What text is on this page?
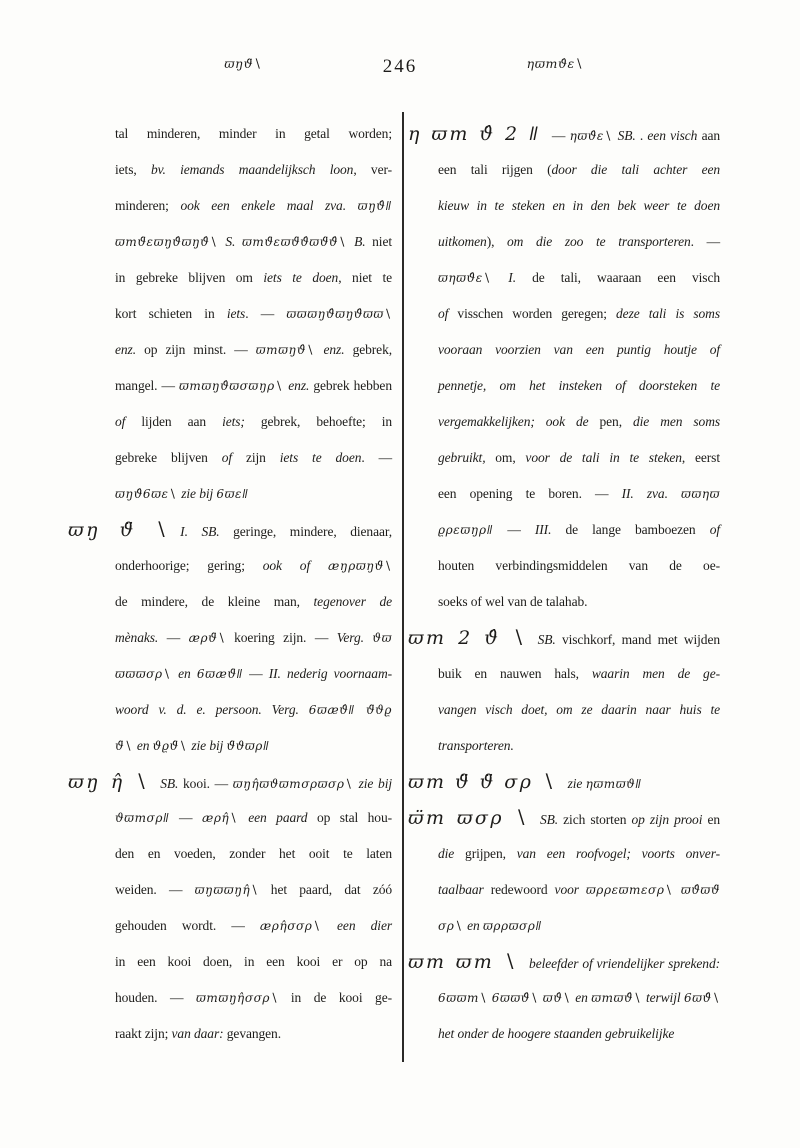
ϖŋϑ̈∖	246	ηϖmϑ̂ε∖
tal minderen, minder in getal worden;
iets, bv. iemands maandelijksch loon, ver-
minderen; ook een enkele maal zva. ϖŋϑ̂ǁ
ϖmϑ̈εϖŋϑ̂ϖŋϑ̂∖ S. ϖmϑ̈εϖϑ̈ϑ̂ϖϑ̈ϑ̂∖ B. niet
in gebreke blijven om iets te doen, niet te
kort schieten in iets. — ϖϖϖŋϑ̂ϖŋϑ̂ϖϖ∖
enz. op zijn minst. — ϖmϖŋϑ̂∖ enz. gebrek,
mangel. — ϖmϖŋϑ̂ϖσϖŋρ∖ enz. gebrek hebben
of lijden aan iets; gebrek, behoefte; in
gebreke blijven of zijn iets te doen. —
ϖŋϑ̂6ϖε∖ zie bij 6ϖεǁ
ϖŋ ϑ̈ ∖ I. SB. geringe, mindere, dienaar,
onderhoorige; gering; ook of æŋρϖŋϑ̈∖
de mindere, de kleine man, tegenover de
mènaks. — æρϑ̈∖ koering zijn. — Verg. ϑϖ
ϖϖϖσρ∖ en 6ϖæϑ̈ǁ — II. nederig voornaam-
woord v. d. e. persoon. Verg. 6ϖæϑ̂ǁ ϑ̈ϑϱ
ϑ̈∖ en ϑϱϑ̈∖ zie bij ϑ̈ϑϖρǁ
ϖŋ η̂ ∖ SB. kooi. — ϖŋη̂ϖϑϖmσρϖσρ∖ zie bij
ϑϖmσρǁ — æρη̂∖ een paard op stal hou-
den en voeden, zonder het ooit te laten
weiden. — ϖŋϖϖŋη̂∖ het paard, dat zóó
gehouden wordt. — æρη̂σσρ∖ een dier
in een kooi doen, in een kooi er op na
houden. — ϖmϖŋη̂σσρ∖ in de kooi ge-
raakt zijn; van daar: gevangen.
η ϖm ϑ̂ 2 ǁ — ηϖϑ̂ε∖ SB. . een visch aan
een tali rijgen (door die tali achter een
kieuw in te steken en in den bek weer te doen
uitkomen), om die zoo te transporteren. —
ϖηϖϑ̂ε∖ I. de tali, waaraan een visch
of visschen worden geregen; deze tali is soms
vooraan voorzien van een puntig houtje of
pennetje, om het insteken of doorsteken te
vergemakkelijken; ook de pen, die men soms
gebruikt, om, voor de tali in te steken, eerst
een opening te boren. — II. zva. ϖϖηϖ
ϱρεϖŋρǁ — III. de lange bamboezen of
houten verbindingsmiddelen van de oe-
soeks of wel van de talahab.
ϖm 2 ϑ̂ ∖ SB. vischkorf, mand met wijden
buik en nauwen hals, waarin men de ge-
vangen visch doet, om ze daarin naar huis te
transporteren.
ϖm ϑ̈ ϑ̈ σρ ∖ zie ηϖmϖϑǁ
ϖ̈m ϖσρ ∖ SB. zich storten op zijn prooi en
die grijpen, van een roofvogel; voorts onver-
taalbaar redewoord voor ϖρρεϖmεσρ∖ ϖϑ̂ϖϑ̈
σρ∖ en ϖρρϖσρǁ
ϖm ϖm ∖ beleefder of vriendelijker sprekend:
6ϖϖm∖ 6ϖϖϑ̂∖ ϖϑ̂∖ en ϖmϖϑ̂∖ terwijl 6ϖϑ̂∖
het onder de hoogere staanden gebruikelijke
